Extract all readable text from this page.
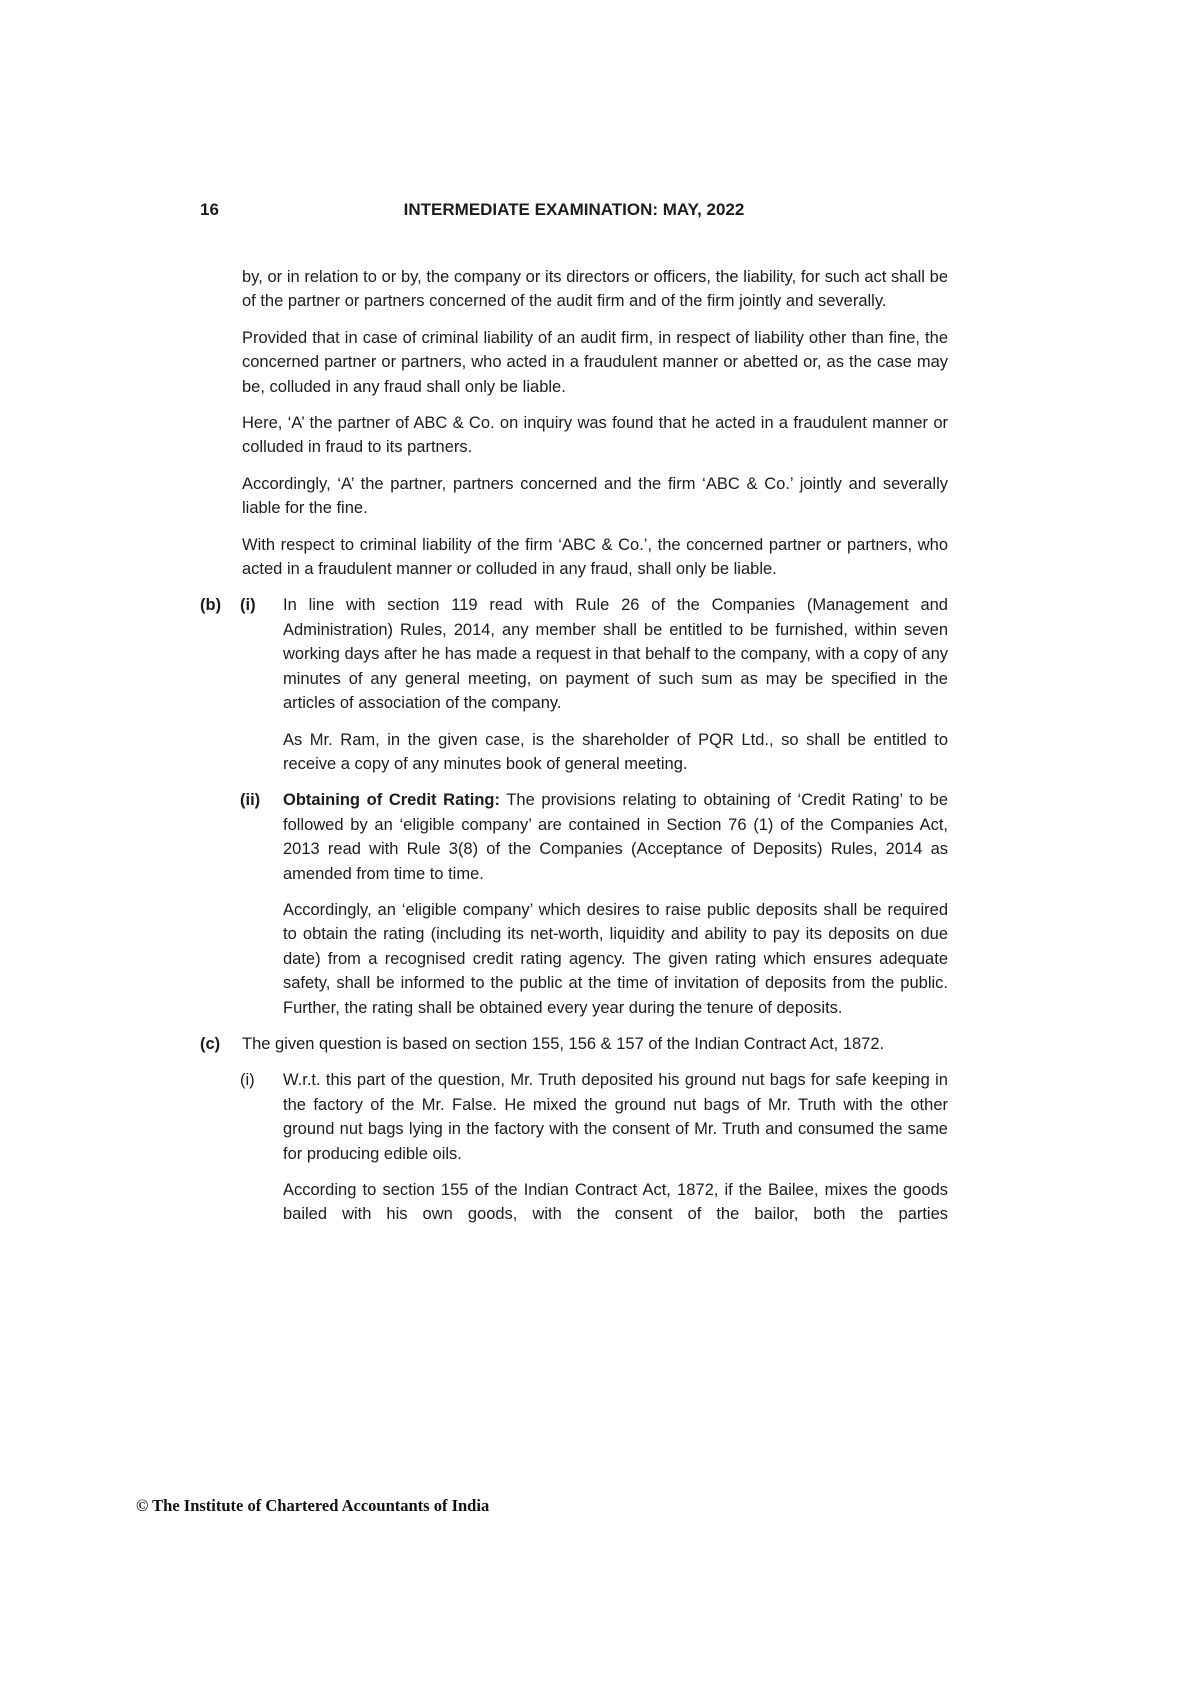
16	INTERMEDIATE EXAMINATION: MAY, 2022

by, or in relation to or by, the company or its directors or officers, the liability, for such act shall be of the partner or partners concerned of the audit firm and of the firm jointly and severally.

Provided that in case of criminal liability of an audit firm, in respect of liability other than fine, the concerned partner or partners, who acted in a fraudulent manner or abetted or, as the case may be, colluded in any fraud shall only be liable.

Here, ‘A’ the partner of ABC & Co. on inquiry was found that he acted in a fraudulent manner or colluded in fraud to its partners.

Accordingly, ‘A’ the partner, partners concerned and the firm ‘ABC & Co.’ jointly and severally liable for the fine.

With respect to criminal liability of the firm ‘ABC & Co.’, the concerned partner or partners, who acted in a fraudulent manner or colluded in any fraud, shall only be liable.

(b) (i) In line with section 119 read with Rule 26 of the Companies (Management and Administration) Rules, 2014, any member shall be entitled to be furnished, within seven working days after he has made a request in that behalf to the company, with a copy of any minutes of any general meeting, on payment of such sum as may be specified in the articles of association of the company.

As Mr. Ram, in the given case, is the shareholder of PQR Ltd., so shall be entitled to receive a copy of any minutes book of general meeting.

(ii) Obtaining of Credit Rating: The provisions relating to obtaining of ‘Credit Rating’ to be followed by an ‘eligible company’ are contained in Section 76 (1) of the Companies Act, 2013 read with Rule 3(8) of the Companies (Acceptance of Deposits) Rules, 2014 as amended from time to time.

Accordingly, an ‘eligible company’ which desires to raise public deposits shall be required to obtain the rating (including its net-worth, liquidity and ability to pay its deposits on due date) from a recognised credit rating agency. The given rating which ensures adequate safety, shall be informed to the public at the time of invitation of deposits from the public. Further, the rating shall be obtained every year during the tenure of deposits.

(c) The given question is based on section 155, 156 & 157 of the Indian Contract Act, 1872.

(i) W.r.t. this part of the question, Mr. Truth deposited his ground nut bags for safe keeping in the factory of the Mr. False. He mixed the ground nut bags of Mr. Truth with the other ground nut bags lying in the factory with the consent of Mr. Truth and consumed the same for producing edible oils.

According to section 155 of the Indian Contract Act, 1872, if the Bailee, mixes the goods bailed with his own goods, with the consent of the bailor, both the parties

© The Institute of Chartered Accountants of India
